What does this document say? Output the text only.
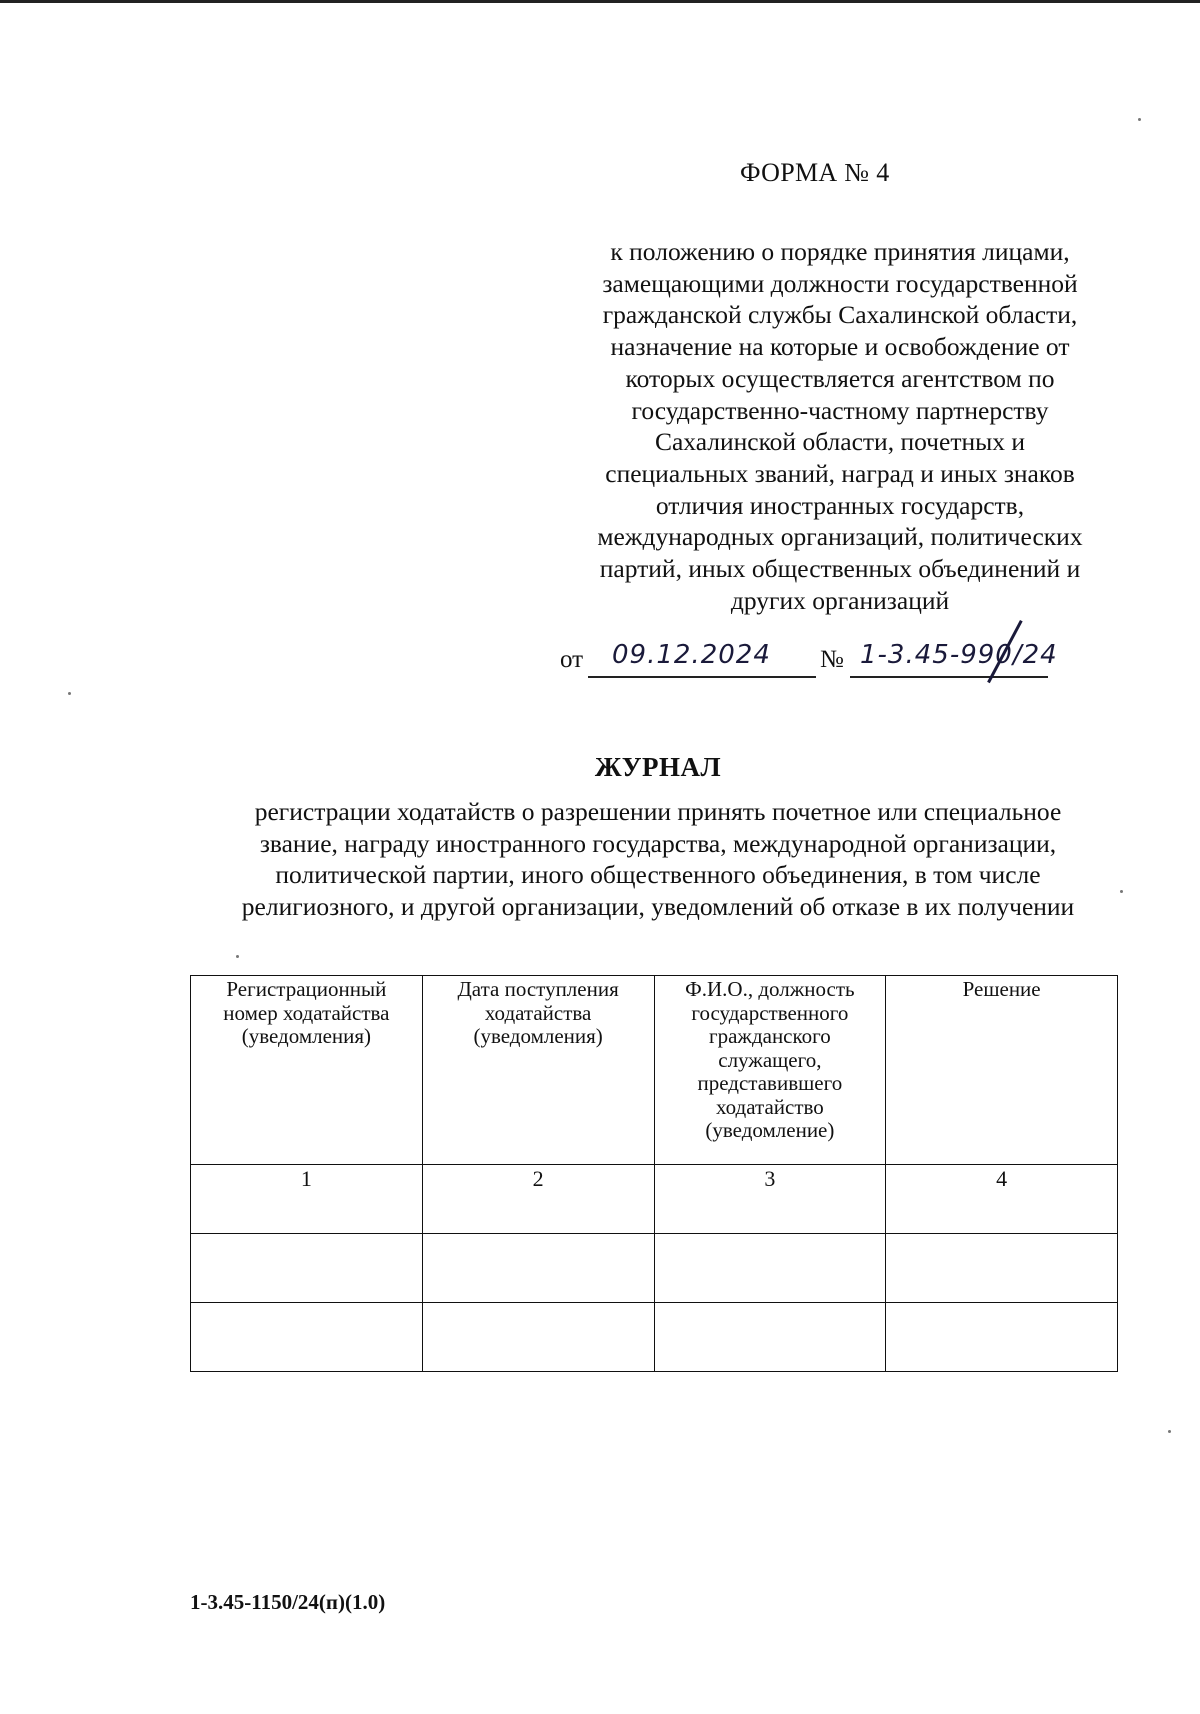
ФОРМА № 4
к положению о порядке принятия лицами,
замещающими должности государственной
гражданской службы Сахалинской области,
назначение на которые и освобождение от
которых осуществляется агентством по
государственно-частному партнерству
Сахалинской области, почетных и
специальных званий, наград и иных знаков
отличия иностранных государств,
международных организаций, политических
партий, иных общественных объединений и
других организаций
от 09.12.2024 № 1-3.45-990/24
ЖУРНАЛ
регистрации ходатайств о разрешении принять почетное или специальное
звание, награду иностранного государства, международной организации,
политической партии, иного общественного объединения, в том числе
религиозного, и другой организации, уведомлений об отказе в их получении
Регистрационный номер ходатайства (уведомления)	Дата поступления ходатайства (уведомления)	Ф.И.О., должность государственного гражданского служащего, представившего ходатайство (уведомление)	Решение
1	2	3	4

1-3.45-1150/24(п)(1.0)
